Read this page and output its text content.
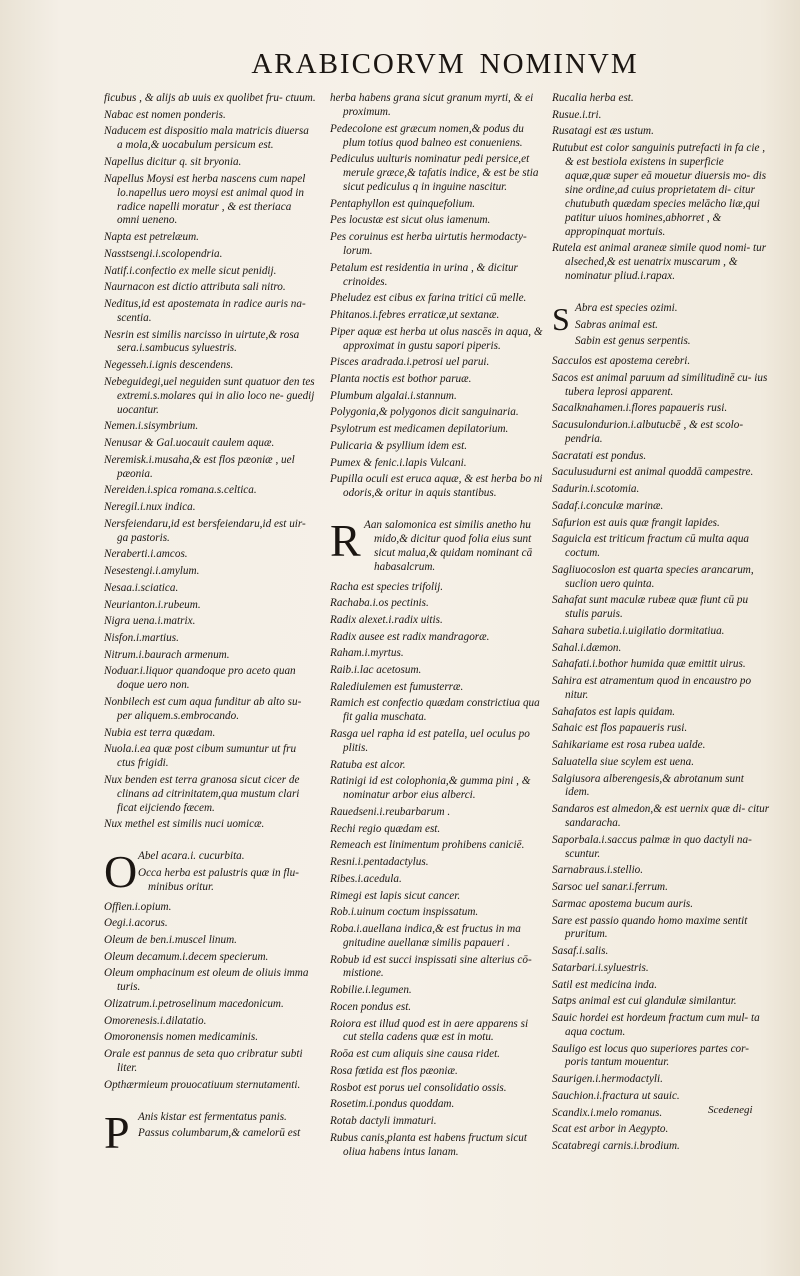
ARABICORVM NOMINVM

ficubus , & alijs ab uuis ex quolibet fru- ctuum.

Nabac est nomen ponderis.

Naducem est dispositio mala matricis diuersa a mola,& uocabulum persicum est.

Napellus dicitur q. sit bryonia.

Napellus Moysi est herba nascens cum napel lo.napellus uero moysi est animal quod in radice napelli moratur , & est theriaca omni ueneno.

Napta est petrelæum.

Nasstsengi.i.scolopendria.

Natif.i.confectio ex melle sicut penidij.

Naurnacon est dictio attributa sali nitro.

Neditus,id est apostemata in radice auris na- scentia.

Nesrin est similis narcisso in uirtute,& rosa sera.i.sambucus syluestris.

Negesseh.i.ignis descendens.

Nebeguidegi,uel neguiden sunt quatuor den tes extremi.s.molares qui in alio loco ne- guedij uocantur.

Nemen.i.sisymbrium.

Nenusar & Gal.uocauit caulem aquæ.

Neremisk.i.musaha,& est flos pæoniæ , uel pæonia.

Nereiden.i.spica romana.s.celtica.

Neregil.i.nux indica.

Nersfeiendaru,id est bersfeiendaru,id est uir- ga pastoris.

Neraberti.i.amcos.

Nesestengi.i.amylum.

Nesaa.i.sciatica.

Neurianton.i.rubeum.

Nigra uena.i.matrix.

Nisfon.i.martius.

Nitrum.i.baurach armenum.

Noduar.i.liquor quandoque pro aceto quan doque uero non.

Nonbilech est cum aqua funditur ab alto su- per aliquem.s.embrocando.

Nubia est terra quædam.

Nuola.i.ea quæ post cibum sumuntur ut fru ctus frigidi.

Nux benden est terra granosa sicut cicer de clinans ad citrinitatem,qua mustum clari ficat eijciendo fæcem.

Nux methel est similis nuci uomicæ.

O Abel acara.i. cucurbita.

Occa herba est palustris quæ in flu- minibus oritur.

Offien.i.opium.

Oegi.i.acorus.

Oleum de ben.i.muscel linum.

Oleum decamum.i.decem specierum.

Oleum omphacinum est oleum de oliuis imma turis.

Olizatrum.i.petroselinum macedonicum.

Omorenesis.i.dilatatio.

Omoronensis nomen medicaminis.

Orale est pannus de seta quo cribratur subti liter.

Opthærmieum prouocatiuum sternutamenti.

P Anis kistar est fermentatus panis.

Passus columbarum,& camelorū est

herba habens grana sicut granum myrti, & ei proximum.

Pedecolone est græcum nomen,& podus du plum totius quod balneo est conueniens.

Pediculus uulturis nominatur pedi persice,et merule græce,& tafatis indice, & est be stia sicut pediculus q in inguine nascitur.

Pentaphyllon est quinquefolium.

Pes locustæ est sicut olus iamenum.

Pes coruinus est herba uirtutis hermodacty- lorum.

Petalum est residentia in urina , & dicitur crinoides.

Pheludez est cibus ex farina tritici cū melle.

Phitanos.i.febres erraticæ,ut sextanæ.

Piper aquæ est herba ut olus nascēs in aqua, & approximat in gustu sapori piperis.

Pisces aradrada.i.petrosi uel parui.

Planta noctis est bothor paruæ.

Plumbum algalai.i.stannum.

Polygonia,& polygonos dicit sanguinaria.

Psylotrum est medicamen depilatorium.

Pulicaria & psyllium idem est.

Pumex & fenic.i.lapis Vulcani.

Pupilla oculi est eruca aquæ, & est herba bo ni odoris,& oritur in aquis stantibus.

R Aan salomonica est similis anetho hu mido,& dicitur quod folia eius sunt sicut malua,& quidam nominant cā habasalcrum.

Racha est species trifolij.

Rachaba.i.os pectinis.

Radix alexet.i.radix uitis.

Radix ausee est radix mandragoræ.

Raham.i.myrtus.

Raib.i.lac acetosum.

Ralediulemen est fumusterræ.

Ramich est confectio quædam constrictiua qua fit galia muschata.

Rasga uel rapha id est patella, uel oculus po plitis.

Ratuba est alcor.

Ratinigi id est colophonia,& gumma pini , & nominatur arbor eius alberci.

Rauedseni.i.reubarbarum .

Rechi regio quædam est.

Remeach est linimentum prohibens caniciē.

Resni.i.pentadactylus.

Ribes.i.acedula.

Rimegi est lapis sicut cancer.

Rob.i.uinum coctum inspissatum.

Roba.i.auellana indica,& est fructus in ma gnitudine auellanæ similis papaueri .

Robub id est succi inspissati sine alterius cō- mistione.

Robilie.i.legumen.

Rocen pondus est.

Roiora est illud quod est in aere apparens si cut stella cadens quæ est in motu.

Roōa est cum aliquis sine causa ridet.

Rosa fœtida est flos pæoniæ.

Rosbot est porus uel consolidatio ossis.

Rosetim.i.pondus quoddam.

Rotab dactyli immaturi.

Rubus canis,planta est habens fructum sicut oliua habens intus lanam.

Rucalia herba est.

Rusue.i.tri.

Rusatagi est æs ustum.

Rutubut est color sanguinis putrefacti in fa cie , & est bestiola existens in superficie aquæ,quæ super eā mouetur diuersis mo- dis sine ordine,ad cuius proprietatem di- citur chutubuth quædam species melācho liæ,qui patitur uiuos homines,abhorret , & appropinquat mortuis.

Rutela est animal araneæ simile quod nomi- tur alseched,& est uenatrix muscarum , & nominatur pliud.i.rapax.

S Abra est species ozimi.

Sabras animal est.

Sabin est genus serpentis.

Sacculos est apostema cerebri.

Sacos est animal paruum ad similitudinē cu- ius tubera leprosi apparent.

Sacalknahamen.i.flores papaueris rusi.

Sacusulondurion.i.albutucbē , & est scolo- pendria.

Sacratati est pondus.

Saculusudurni est animal quoddā campestre.

Sadurin.i.scotomia.

Sadaf.i.conculæ marinæ.

Safurion est auis quæ frangit lapides.

Saguicla est triticum fractum cū multa aqua coctum.

Sagliuocoslon est quarta species arancarum, suclion uero quinta.

Sahafat sunt maculæ rubeæ quæ fiunt cū pu stulis paruis.

Sahara subetia.i.uigilatio dormitatiua.

Sahal.i.dæmon.

Sahafati.i.bothor humida quæ emittit uirus.

Sahira est atramentum quod in encaustro po nitur.

Sahafatos est lapis quidam.

Sahaic est flos papaueris rusi.

Sahikariame est rosa rubea ualde.

Saluatella siue scylem est uena.

Salgiusora alberengesis,& abrotanum sunt idem.

Sandaros est almedon,& est uernix quæ di- citur sandaracha.

Saporbala.i.saccus palmæ in quo dactyli na- scuntur.

Sarnabraus.i.stellio.

Sarsoc uel sanar.i.ferrum.

Sarmac apostema bucum auris.

Sare est passio quando homo maxime sentit pruritum.

Sasaf.i.salis.

Satarbari.i.syluestris.

Satil est medicina inda.

Satps animal est cui glandulæ similantur.

Sauic hordei est hordeum fractum cum mul- ta aqua coctum.

Sauligo est locus quo superiores partes cor- poris tantum mouentur.

Saurigen.i.hermodactyli.

Sauchion.i.fractura ut sauic.

Scandix.i.melo romanus.

Scat est arbor in Aegypto.

Scatabregi carnis.i.brodium.

Scedenegi
